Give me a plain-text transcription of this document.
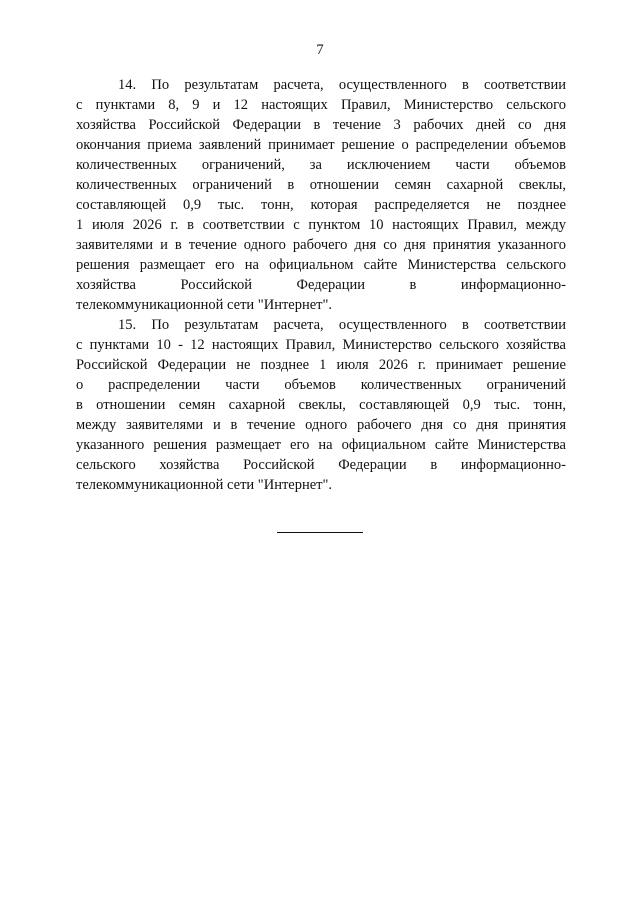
7
14. По результатам расчета, осуществленного в соответствии
с пунктами 8, 9 и 12 настоящих Правил, Министерство сельского
хозяйства Российской Федерации в течение 3 рабочих дней со дня
окончания приема заявлений принимает решение о распределении объемов
количественных ограничений, за исключением части объемов
количественных ограничений в отношении семян сахарной свеклы,
составляющей 0,9 тыс. тонн, которая распределяется не позднее
1 июля 2026 г. в соответствии с пунктом 10 настоящих Правил, между
заявителями и в течение одного рабочего дня со дня принятия указанного
решения размещает его на официальном сайте Министерства сельского
хозяйства Российской Федерации в информационно-
телекоммуникационной сети "Интернет".
15. По результатам расчета, осуществленного в соответствии
с пунктами 10 - 12 настоящих Правил, Министерство сельского хозяйства
Российской Федерации не позднее 1 июля 2026 г. принимает решение
о распределении части объемов количественных ограничений
в отношении семян сахарной свеклы, составляющей 0,9 тыс. тонн,
между заявителями и в течение одного рабочего дня со дня принятия
указанного решения размещает его на официальном сайте Министерства
сельского хозяйства Российской Федерации в информационно-
телекоммуникационной сети "Интернет".
